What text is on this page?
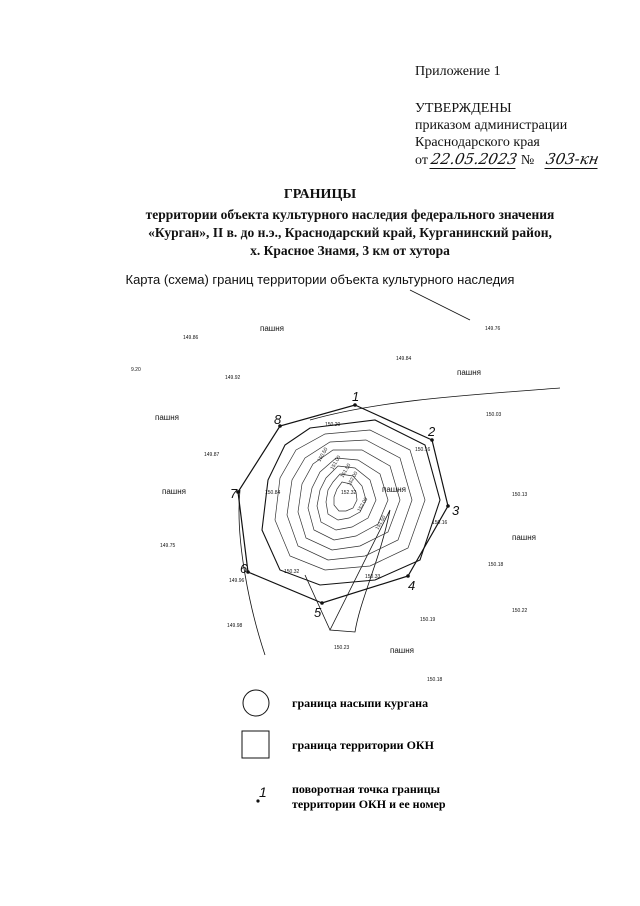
Приложение 1
УТВЕРЖДЕНЫ
приказом администрации
Краснодарского края
от 22.05.2023 № 303-кн
ГРАНИЦЫ
территории объекта культурного наследия федерального значения
«Курган», II в. до н.э., Краснодарский край, Курганинский район,
х. Красное Знамя, 3 км от хутора
Карта (схема) границ территории объекта культурного наследия
150.50 151.00
151.50
152.00
152.00
151.50
1
2
3
4
5
6
7
8
пашня
пашня
пашня
пашня	пашня
пашня
пашня
149.86
149.92
149.84
149.76
150.03
149.87
150.13
149.75
150.18
149.96
149.98
150.22
150.19
150.23
150.18
152.32
150.16
150.84
150.33
150.32
150.20
9.20
150.16
1
граница насыпи кургана
граница территории ОКН
поворотная точка границы
территории ОКН и ее номер
